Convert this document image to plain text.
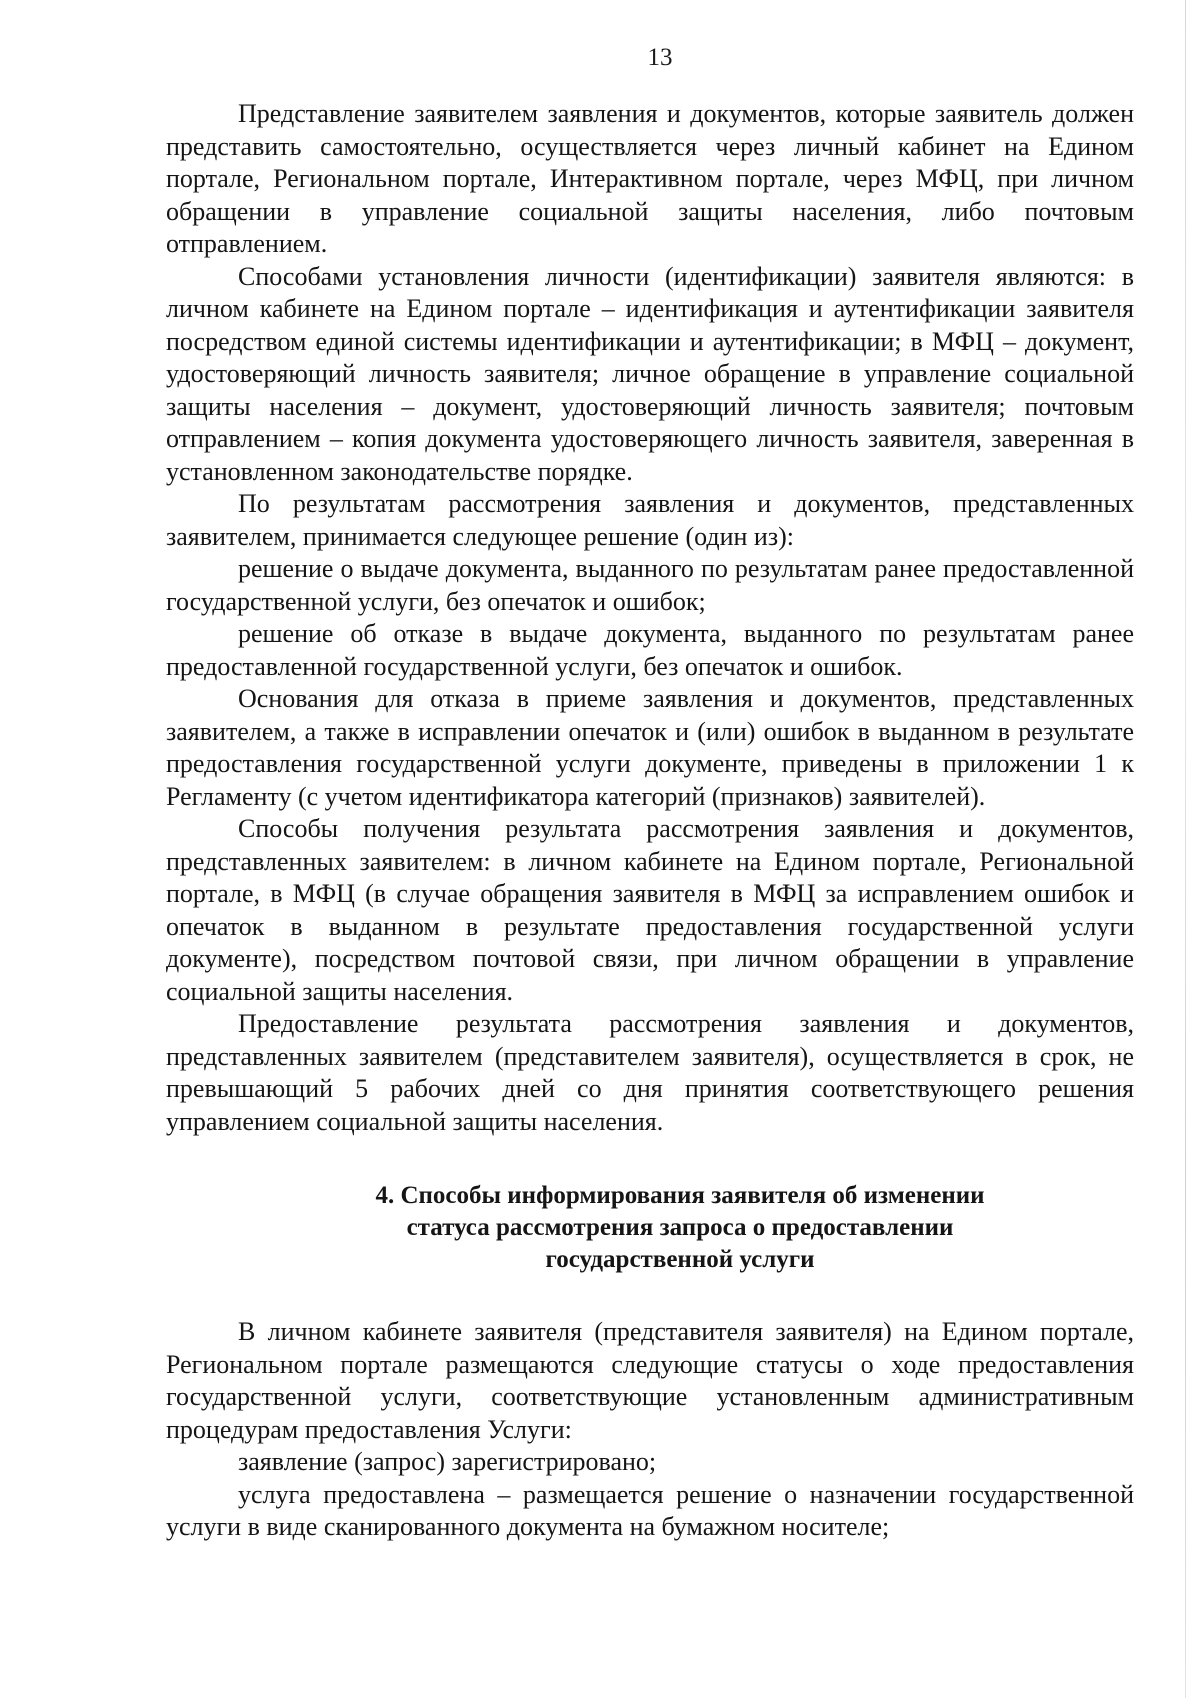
13

Представление заявителем заявления и документов, которые заявитель должен представить самостоятельно, осуществляется через личный кабинет на Едином портале, Региональном портале, Интерактивном портале, через МФЦ, при личном обращении в управление социальной защиты населения, либо почтовым отправлением.

Способами установления личности (идентификации) заявителя являются: в личном кабинете на Едином портале – идентификация и аутентификации заявителя посредством единой системы идентификации и аутентификации; в МФЦ – документ, удостоверяющий личность заявителя; личное обращение в управление социальной защиты населения – документ, удостоверяющий личность заявителя; почтовым отправлением – копия документа удостоверяющего личность заявителя, заверенная в установленном законодательстве порядке.

По результатам рассмотрения заявления и документов, представленных заявителем, принимается следующее решение (один из):

решение о выдаче документа, выданного по результатам ранее предоставленной государственной услуги, без опечаток и ошибок;

решение об отказе в выдаче документа, выданного по результатам ранее предоставленной государственной услуги, без опечаток и ошибок.

Основания для отказа в приеме заявления и документов, представленных заявителем, а также в исправлении опечаток и (или) ошибок в выданном в результате предоставления государственной услуги документе, приведены в приложении 1 к Регламенту (с учетом идентификатора категорий (признаков) заявителей).

Способы получения результата рассмотрения заявления и документов, представленных заявителем: в личном кабинете на Едином портале, Региональной портале, в МФЦ (в случае обращения заявителя в МФЦ за исправлением ошибок и опечаток в выданном в результате предоставления государственной услуги документе), посредством почтовой связи, при личном обращении в управление социальной защиты населения.

Предоставление результата рассмотрения заявления и документов, представленных заявителем (представителем заявителя), осуществляется в срок, не превышающий 5 рабочих дней со дня принятия соответствующего решения управлением социальной защиты населения.

4. Способы информирования заявителя об изменении
статуса рассмотрения запроса о предоставлении
государственной услуги

В личном кабинете заявителя (представителя заявителя) на Едином портале, Региональном портале размещаются следующие статусы о ходе предоставления государственной услуги, соответствующие установленным административным процедурам предоставления Услуги:

заявление (запрос) зарегистрировано;

услуга предоставлена – размещается решение о назначении государственной услуги в виде сканированного документа на бумажном носителе;
